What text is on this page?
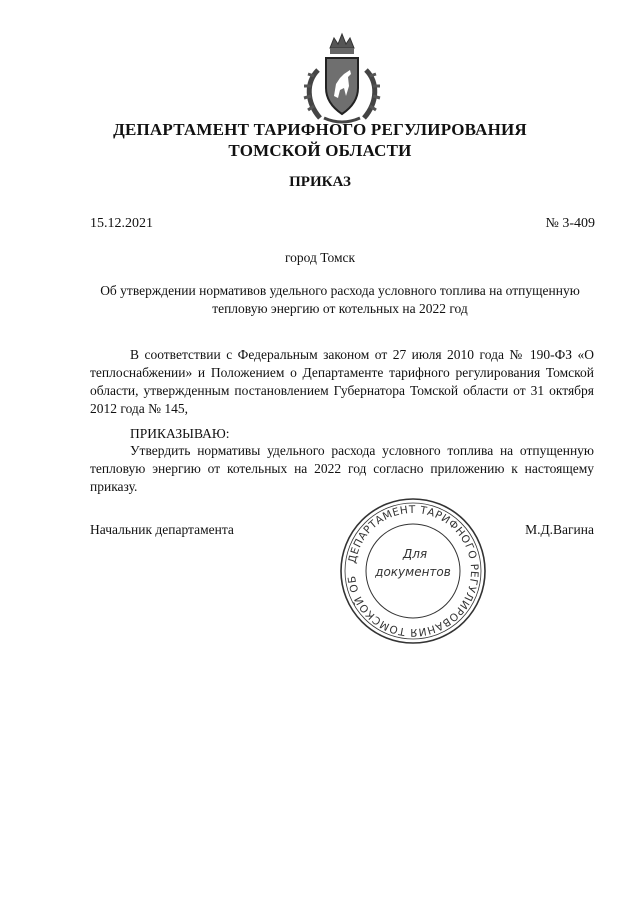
ДЕПАРТАМЕНТ ТАРИФНОГО РЕГУЛИРОВАНИЯ
ТОМСКОЙ ОБЛАСТИ
ПРИКАЗ
15.12.2021	№ 3-409
город Томск
Об утверждении нормативов удельного расхода условного топлива на отпущенную тепловую энергию от котельных на 2022 год
В соответствии с Федеральным законом от 27 июля 2010 года № 190-ФЗ «О теплоснабжении» и Положением о Департаменте тарифного регулирования Томской области, утвержденным постановлением Губернатора Томской области от 31 октября 2012 года № 145,
ПРИКАЗЫВАЮ:
Утвердить нормативы удельного расхода условного топлива на отпущенную тепловую энергию от котельных на 2022 год согласно приложению к настоящему приказу.
Начальник департамента	М.Д.Вагина
ДЕПАРТАМЕНТ ТАРИФНОГО РЕГУЛИРОВАНИЯ ТОМСКОЙ ОБ
Для
документов
